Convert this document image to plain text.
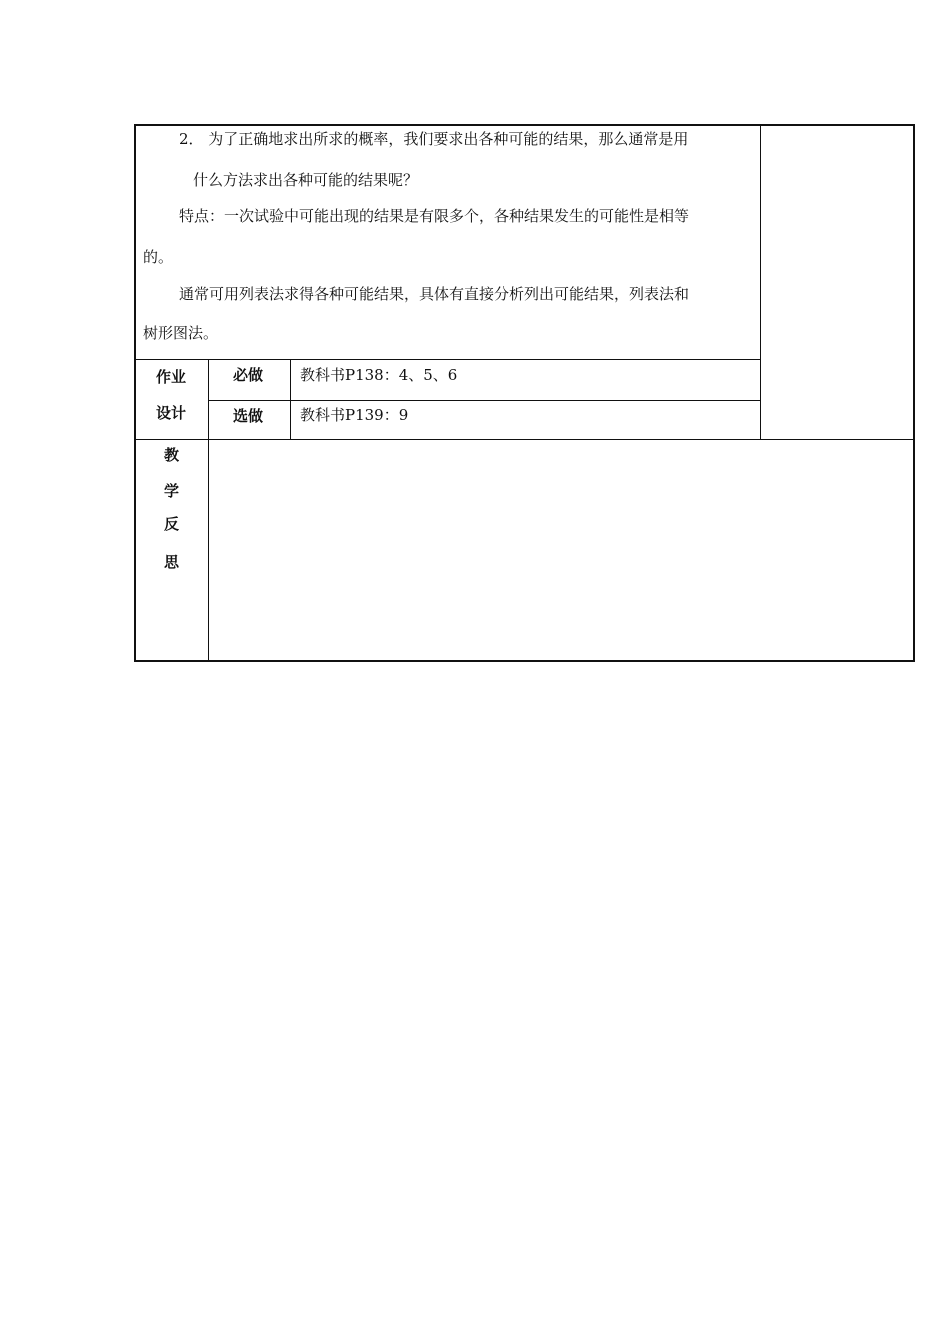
2． 为了正确地求出所求的概率，我们要求出各种可能的结果，那么通常是用
什么方法求出各种可能的结果呢？
特点：一次试验中可能出现的结果是有限多个，各种结果发生的可能性是相等
的。
通常可用列表法求得各种可能结果，具体有直接分析列出可能结果，列表法和
树形图法。
作业
设计
必做
选做
教科书P138：4、5、6
教科书P139：9
教
学
反
思
